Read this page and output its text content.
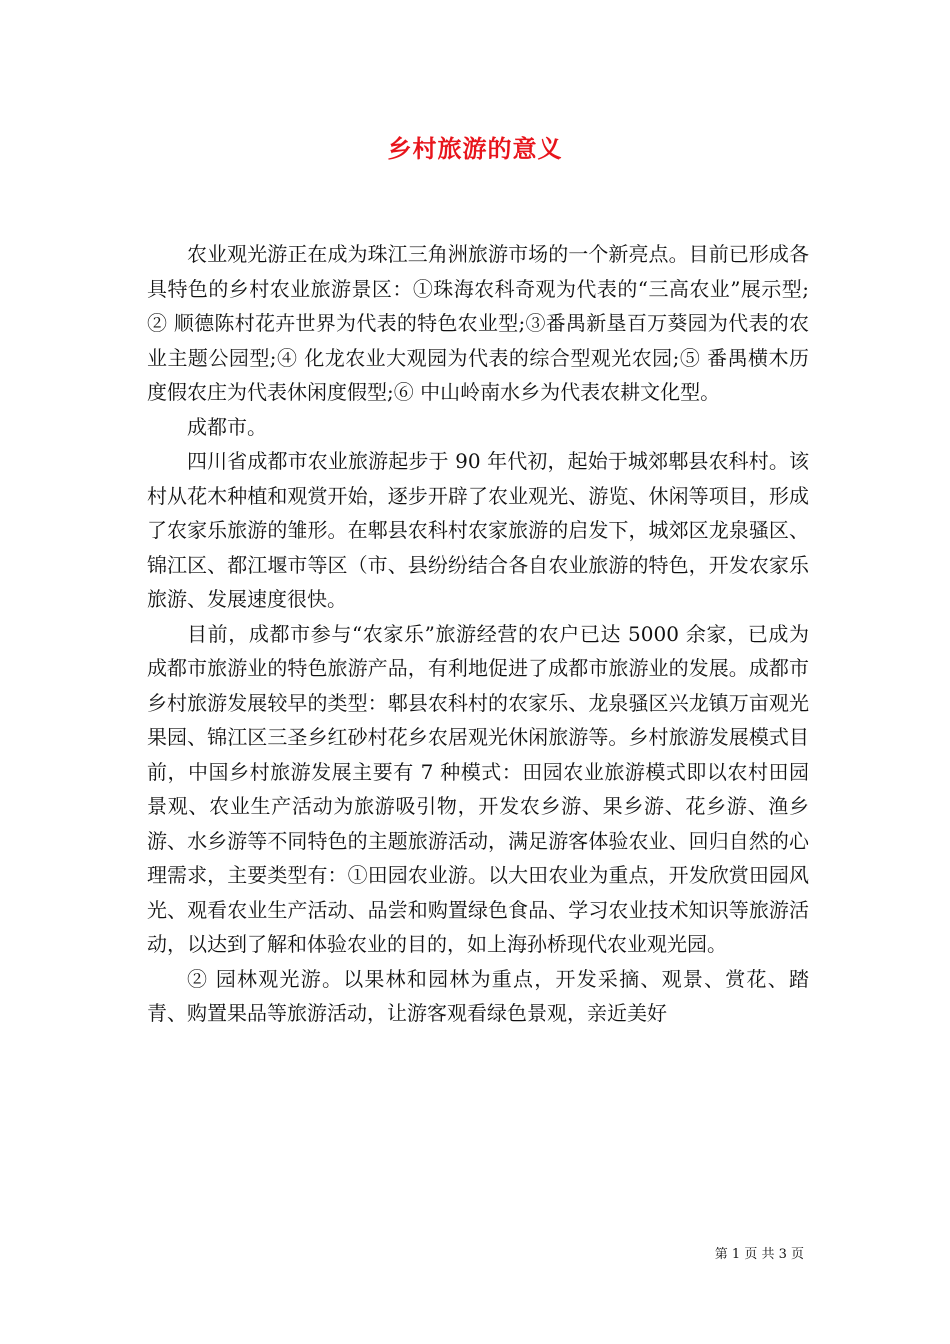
乡村旅游的意义

农业观光游正在成为珠江三角洲旅游市场的一个新亮点。目前已形成各具特色的乡村农业旅游景区：①珠海农科奇观为代表的“三高农业”展示型;② 顺德陈村花卉世界为代表的特色农业型;③番禺新垦百万葵园为代表的农业主题公园型;④ 化龙农业大观园为代表的综合型观光农园;⑤ 番禺横木历度假农庄为代表休闲度假型;⑥ 中山岭南水乡为代表农耕文化型。

成都市。

四川省成都市农业旅游起步于 90 年代初，起始于城郊郫县农科村。该村从花木种植和观赏开始，逐步开辟了农业观光、游览、休闲等项目，形成了农家乐旅游的雏形。在郫县农科村农家旅游的启发下，城郊区龙泉骚区、锦江区、都江堰市等区（市、县纷纷结合各自农业旅游的特色，开发农家乐旅游、发展速度很快。

目前，成都市参与“农家乐”旅游经营的农户已达 5000 余家，已成为成都市旅游业的特色旅游产品，有利地促进了成都市旅游业的发展。成都市乡村旅游发展较早的类型：郫县农科村的农家乐、龙泉骚区兴龙镇万亩观光果园、锦江区三圣乡红砂村花乡农居观光休闲旅游等。乡村旅游发展模式目前，中国乡村旅游发展主要有 7 种模式：田园农业旅游模式即以农村田园景观、农业生产活动为旅游吸引物，开发农乡游、果乡游、花乡游、渔乡游、水乡游等不同特色的主题旅游活动，满足游客体验农业、回归自然的心理需求，主要类型有：①田园农业游。以大田农业为重点，开发欣赏田园风光、观看农业生产活动、品尝和购置绿色食品、学习农业技术知识等旅游活动，以达到了解和体验农业的目的，如上海孙桥现代农业观光园。

② 园林观光游。以果林和园林为重点，开发采摘、观景、赏花、踏青、购置果品等旅游活动，让游客观看绿色景观，亲近美好

第 1 页 共 3 页
